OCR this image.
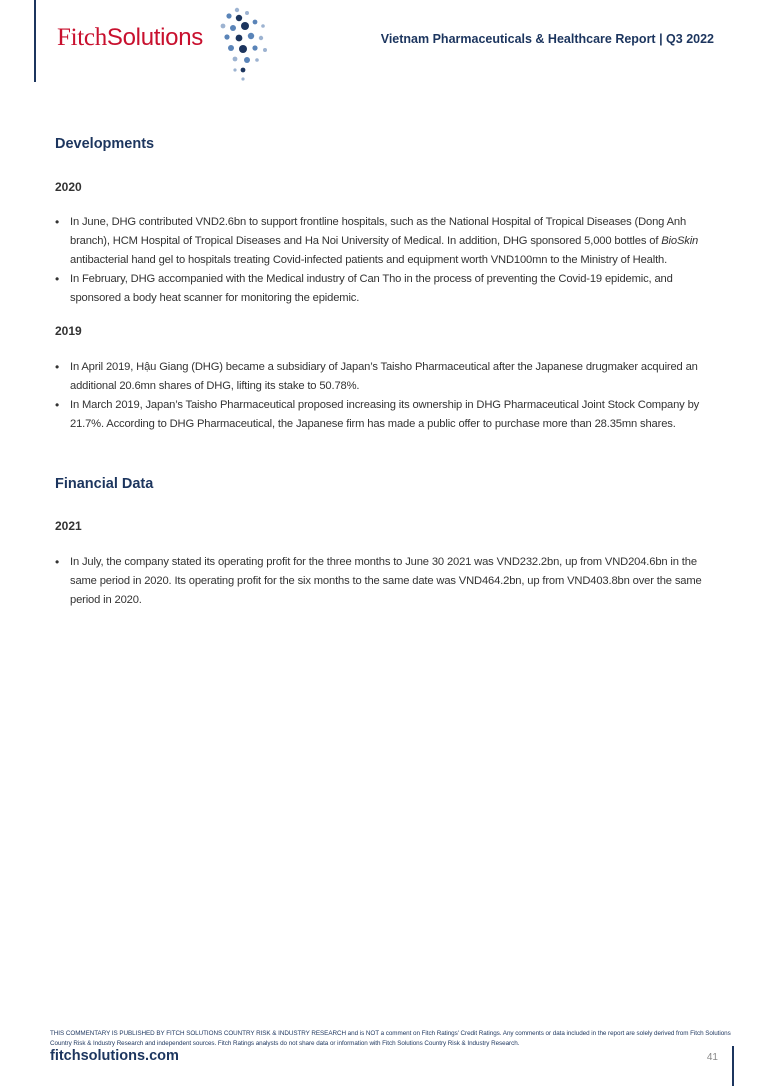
FitchSolutions	Vietnam Pharmaceuticals & Healthcare Report | Q3 2022
Developments
2020
• In June, DHG contributed VND2.6bn to support frontline hospitals, such as the National Hospital of Tropical Diseases (Dong Anh branch), HCM Hospital of Tropical Diseases and Ha Noi University of Medical. In addition, DHG sponsored 5,000 bottles of BioSkin antibacterial hand gel to hospitals treating Covid-infected patients and equipment worth VND100mn to the Ministry of Health.
• In February, DHG accompanied with the Medical industry of Can Tho in the process of preventing the Covid-19 epidemic, and sponsored a body heat scanner for monitoring the epidemic.
2019
• In April 2019, Hậu Giang (DHG) became a subsidiary of Japan’s Taisho Pharmaceutical after the Japanese drugmaker acquired an additional 20.6mn shares of DHG, lifting its stake to 50.78%.
• In March 2019, Japan’s Taisho Pharmaceutical proposed increasing its ownership in DHG Pharmaceutical Joint Stock Company by 21.7%. According to DHG Pharmaceutical, the Japanese firm has made a public offer to purchase more than 28.35mn shares.
Financial Data
2021
• In July, the company stated its operating profit for the three months to June 30 2021 was VND232.2bn, up from VND204.6bn in the same period in 2020. Its operating profit for the six months to the same date was VND464.2bn, up from VND403.8bn over the same period in 2020.
THIS COMMENTARY IS PUBLISHED BY FITCH SOLUTIONS COUNTRY RISK & INDUSTRY RESEARCH and is NOT a comment on Fitch Ratings' Credit Ratings. Any comments or data included in the report are solely derived from Fitch Solutions Country Risk & Industry Research and independent sources. Fitch Ratings analysts do not share data or information with Fitch Solutions Country Risk & Industry Research.
fitchsolutions.com	41
